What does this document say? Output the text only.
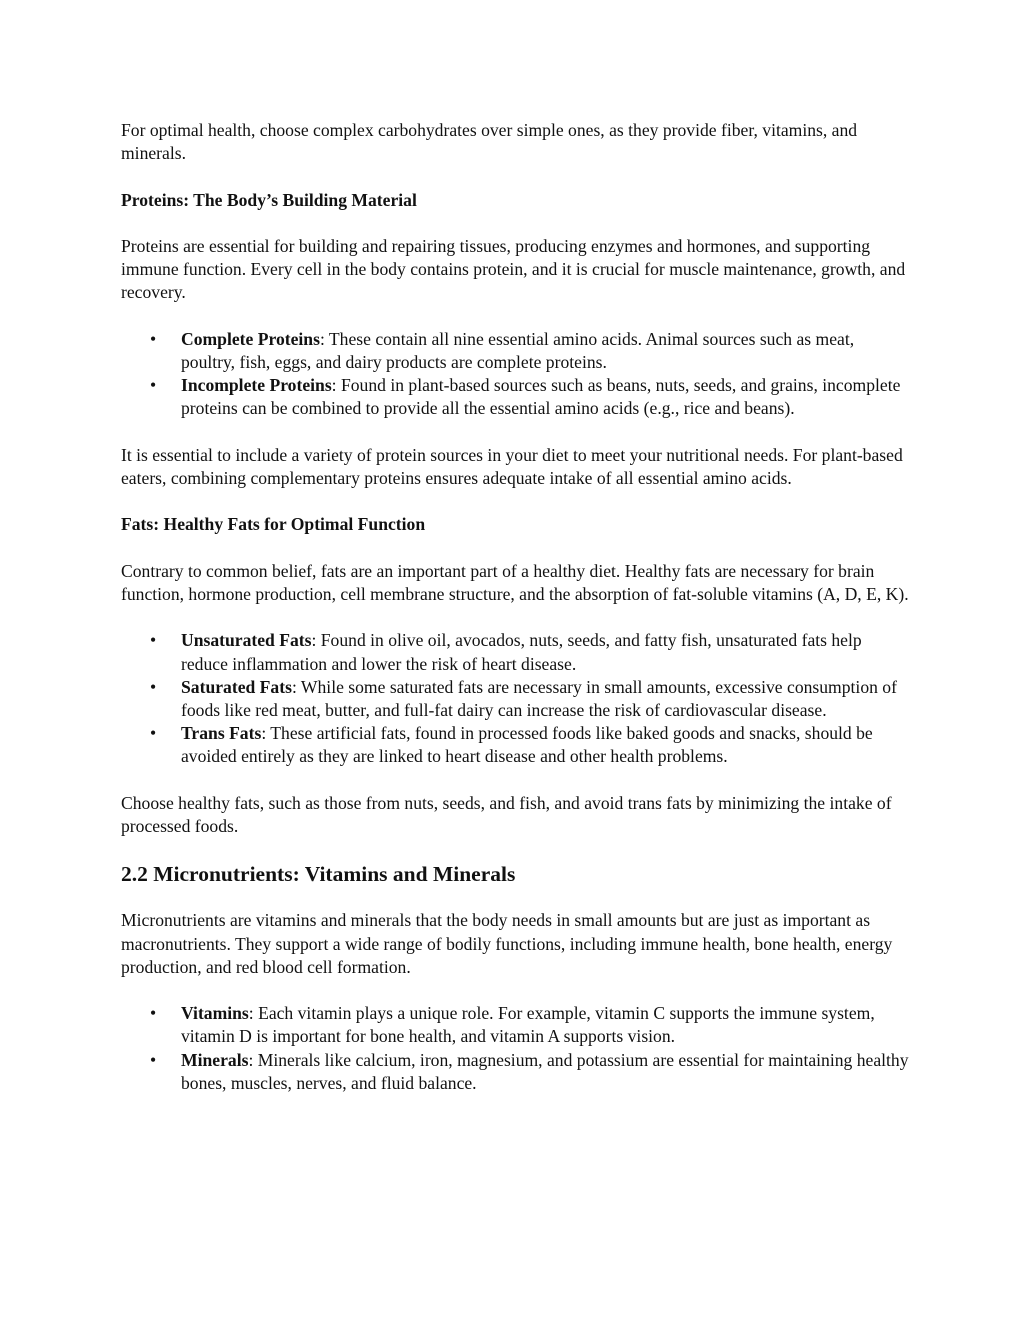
For optimal health, choose complex carbohydrates over simple ones, as they provide fiber, vitamins, and minerals.

Proteins: The Body’s Building Material

Proteins are essential for building and repairing tissues, producing enzymes and hormones, and supporting immune function. Every cell in the body contains protein, and it is crucial for muscle maintenance, growth, and recovery.

• Complete Proteins: These contain all nine essential amino acids. Animal sources such as meat, poultry, fish, eggs, and dairy products are complete proteins.
• Incomplete Proteins: Found in plant-based sources such as beans, nuts, seeds, and grains, incomplete proteins can be combined to provide all the essential amino acids (e.g., rice and beans).

It is essential to include a variety of protein sources in your diet to meet your nutritional needs. For plant-based eaters, combining complementary proteins ensures adequate intake of all essential amino acids.

Fats: Healthy Fats for Optimal Function

Contrary to common belief, fats are an important part of a healthy diet. Healthy fats are necessary for brain function, hormone production, cell membrane structure, and the absorption of fat-soluble vitamins (A, D, E, K).

• Unsaturated Fats: Found in olive oil, avocados, nuts, seeds, and fatty fish, unsaturated fats help reduce inflammation and lower the risk of heart disease.
• Saturated Fats: While some saturated fats are necessary in small amounts, excessive consumption of foods like red meat, butter, and full-fat dairy can increase the risk of cardiovascular disease.
• Trans Fats: These artificial fats, found in processed foods like baked goods and snacks, should be avoided entirely as they are linked to heart disease and other health problems.

Choose healthy fats, such as those from nuts, seeds, and fish, and avoid trans fats by minimizing the intake of processed foods.

2.2 Micronutrients: Vitamins and Minerals

Micronutrients are vitamins and minerals that the body needs in small amounts but are just as important as macronutrients. They support a wide range of bodily functions, including immune health, bone health, energy production, and red blood cell formation.

• Vitamins: Each vitamin plays a unique role. For example, vitamin C supports the immune system, vitamin D is important for bone health, and vitamin A supports vision.
• Minerals: Minerals like calcium, iron, magnesium, and potassium are essential for maintaining healthy bones, muscles, nerves, and fluid balance.
